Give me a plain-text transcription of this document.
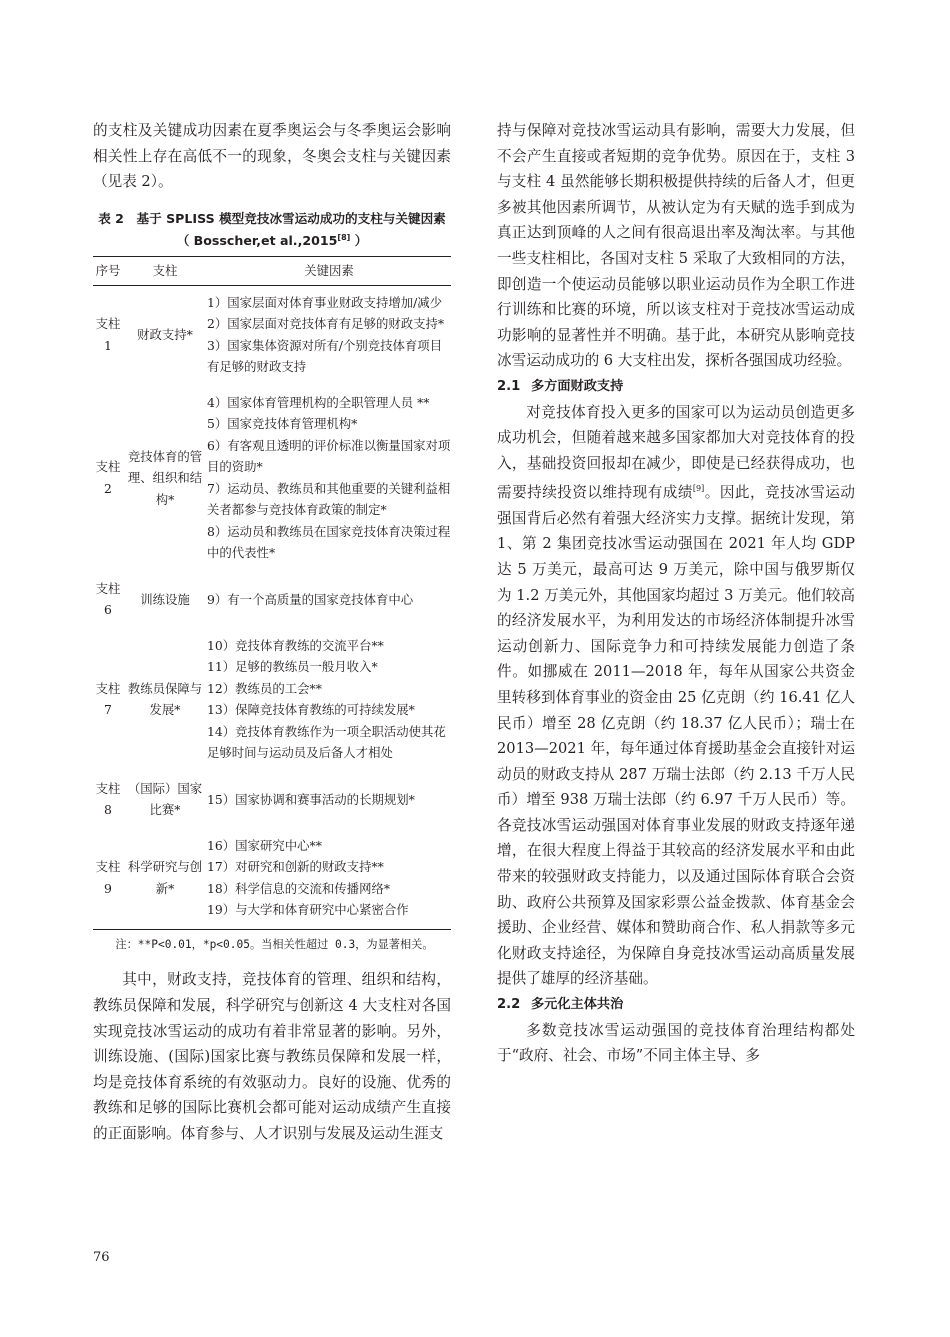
的支柱及关键成功因素在夏季奥运会与冬季奥运会影响相关性上存在高低不一的现象，冬奥会支柱与关键因素（见表 2）。

表 2　基于 SPLISS 模型竞技冰雪运动成功的支柱与关键因素（ Bosscher,et al.,2015[8] ）
序号	支柱	关键因素
支柱 1	财政支持*	1）国家层面对体育事业财政支持增加/减少
2）国家层面对竞技体育有足够的财政支持*
3）国家集体资源对所有/个别竞技体育项目有足够的财政支持

支柱 2	竞技体育的管理、组织和结构*	4）国家体育管理机构的全职管理人员 **
5）国家竞技体育管理机构*
6）有客观且透明的评价标准以衡量国家对项目的资助*
7）运动员、教练员和其他重要的关键利益相关者都参与竞技体育政策的制定*
8）运动员和教练员在国家竞技体育决策过程中的代表性*

支柱 6	训练设施	9）有一个高质量的国家竞技体育中心

支柱 7	教练员保障与发展*	10）竞技体育教练的交流平台**
11）足够的教练员一般月收入*
12）教练员的工会**
13）保障竞技体育教练的可持续发展*
14）竞技体育教练作为一项全职活动使其花足够时间与运动员及后备人才相处

支柱 8	（国际）国家比赛*	15）国家协调和赛事活动的长期规划*

支柱 9	科学研究与创新*	16）国家研究中心**
17）对研究和创新的财政支持**
18）科学信息的交流和传播网络*
19）与大学和体育研究中心紧密合作

注：**P<0.01，*p<0.05。当相关性超过 0.3，为显著相关。

其中，财政支持，竞技体育的管理、组织和结构，教练员保障和发展，科学研究与创新这 4 大支柱对各国实现竞技冰雪运动的成功有着非常显著的影响。另外，训练设施、(国际)国家比赛与教练员保障和发展一样，均是竞技体育系统的有效驱动力。良好的设施、优秀的教练和足够的国际比赛机会都可能对运动成绩产生直接的正面影响。体育参与、人才识别与发展及运动生涯支

持与保障对竞技冰雪运动具有影响，需要大力发展，但不会产生直接或者短期的竞争优势。原因在于，支柱 3 与支柱 4 虽然能够长期积极提供持续的后备人才，但更多被其他因素所调节，从被认定为有天赋的选手到成为真正达到顶峰的人之间有很高退出率及淘汰率。与其他一些支柱相比，各国对支柱 5 采取了大致相同的方法，即创造一个使运动员能够以职业运动员作为全职工作进行训练和比赛的环境，所以该支柱对于竞技冰雪运动成功影响的显著性并不明确。基于此，本研究从影响竞技冰雪运动成功的 6 大支柱出发，探析各强国成功经验。

2.1 多方面财政支持

对竞技体育投入更多的国家可以为运动员创造更多成功机会，但随着越来越多国家都加大对竞技体育的投入，基础投资回报却在减少，即使是已经获得成功，也需要持续投资以维持现有成绩[9]。因此，竞技冰雪运动强国背后必然有着强大经济实力支撑。据统计发现，第 1、第 2 集团竞技冰雪运动强国在 2021 年人均 GDP 达 5 万美元，最高可达 9 万美元，除中国与俄罗斯仅为 1.2 万美元外，其他国家均超过 3 万美元。他们较高的经济发展水平，为利用发达的市场经济体制提升冰雪运动创新力、国际竞争力和可持续发展能力创造了条件。如挪威在 2011—2018 年，每年从国家公共资金里转移到体育事业的资金由 25 亿克朗（约 16.41 亿人民币）增至 28 亿克朗（约 18.37 亿人民币）；瑞士在 2013—2021 年，每年通过体育援助基金会直接针对运动员的财政支持从 287 万瑞士法郎（约 2.13 千万人民币）增至 938 万瑞士法郎（约 6.97 千万人民币）等。各竞技冰雪运动强国对体育事业发展的财政支持逐年递增，在很大程度上得益于其较高的经济发展水平和由此带来的较强财政支持能力，以及通过国际体育联合会资助、政府公共预算及国家彩票公益金拨款、体育基金会援助、企业经营、媒体和赞助商合作、私人捐款等多元化财政支持途径，为保障自身竞技冰雪运动高质量发展提供了雄厚的经济基础。

2.2 多元化主体共治

多数竞技冰雪运动强国的竞技体育治理结构都处于“政府、社会、市场”不同主体主导、多

76
